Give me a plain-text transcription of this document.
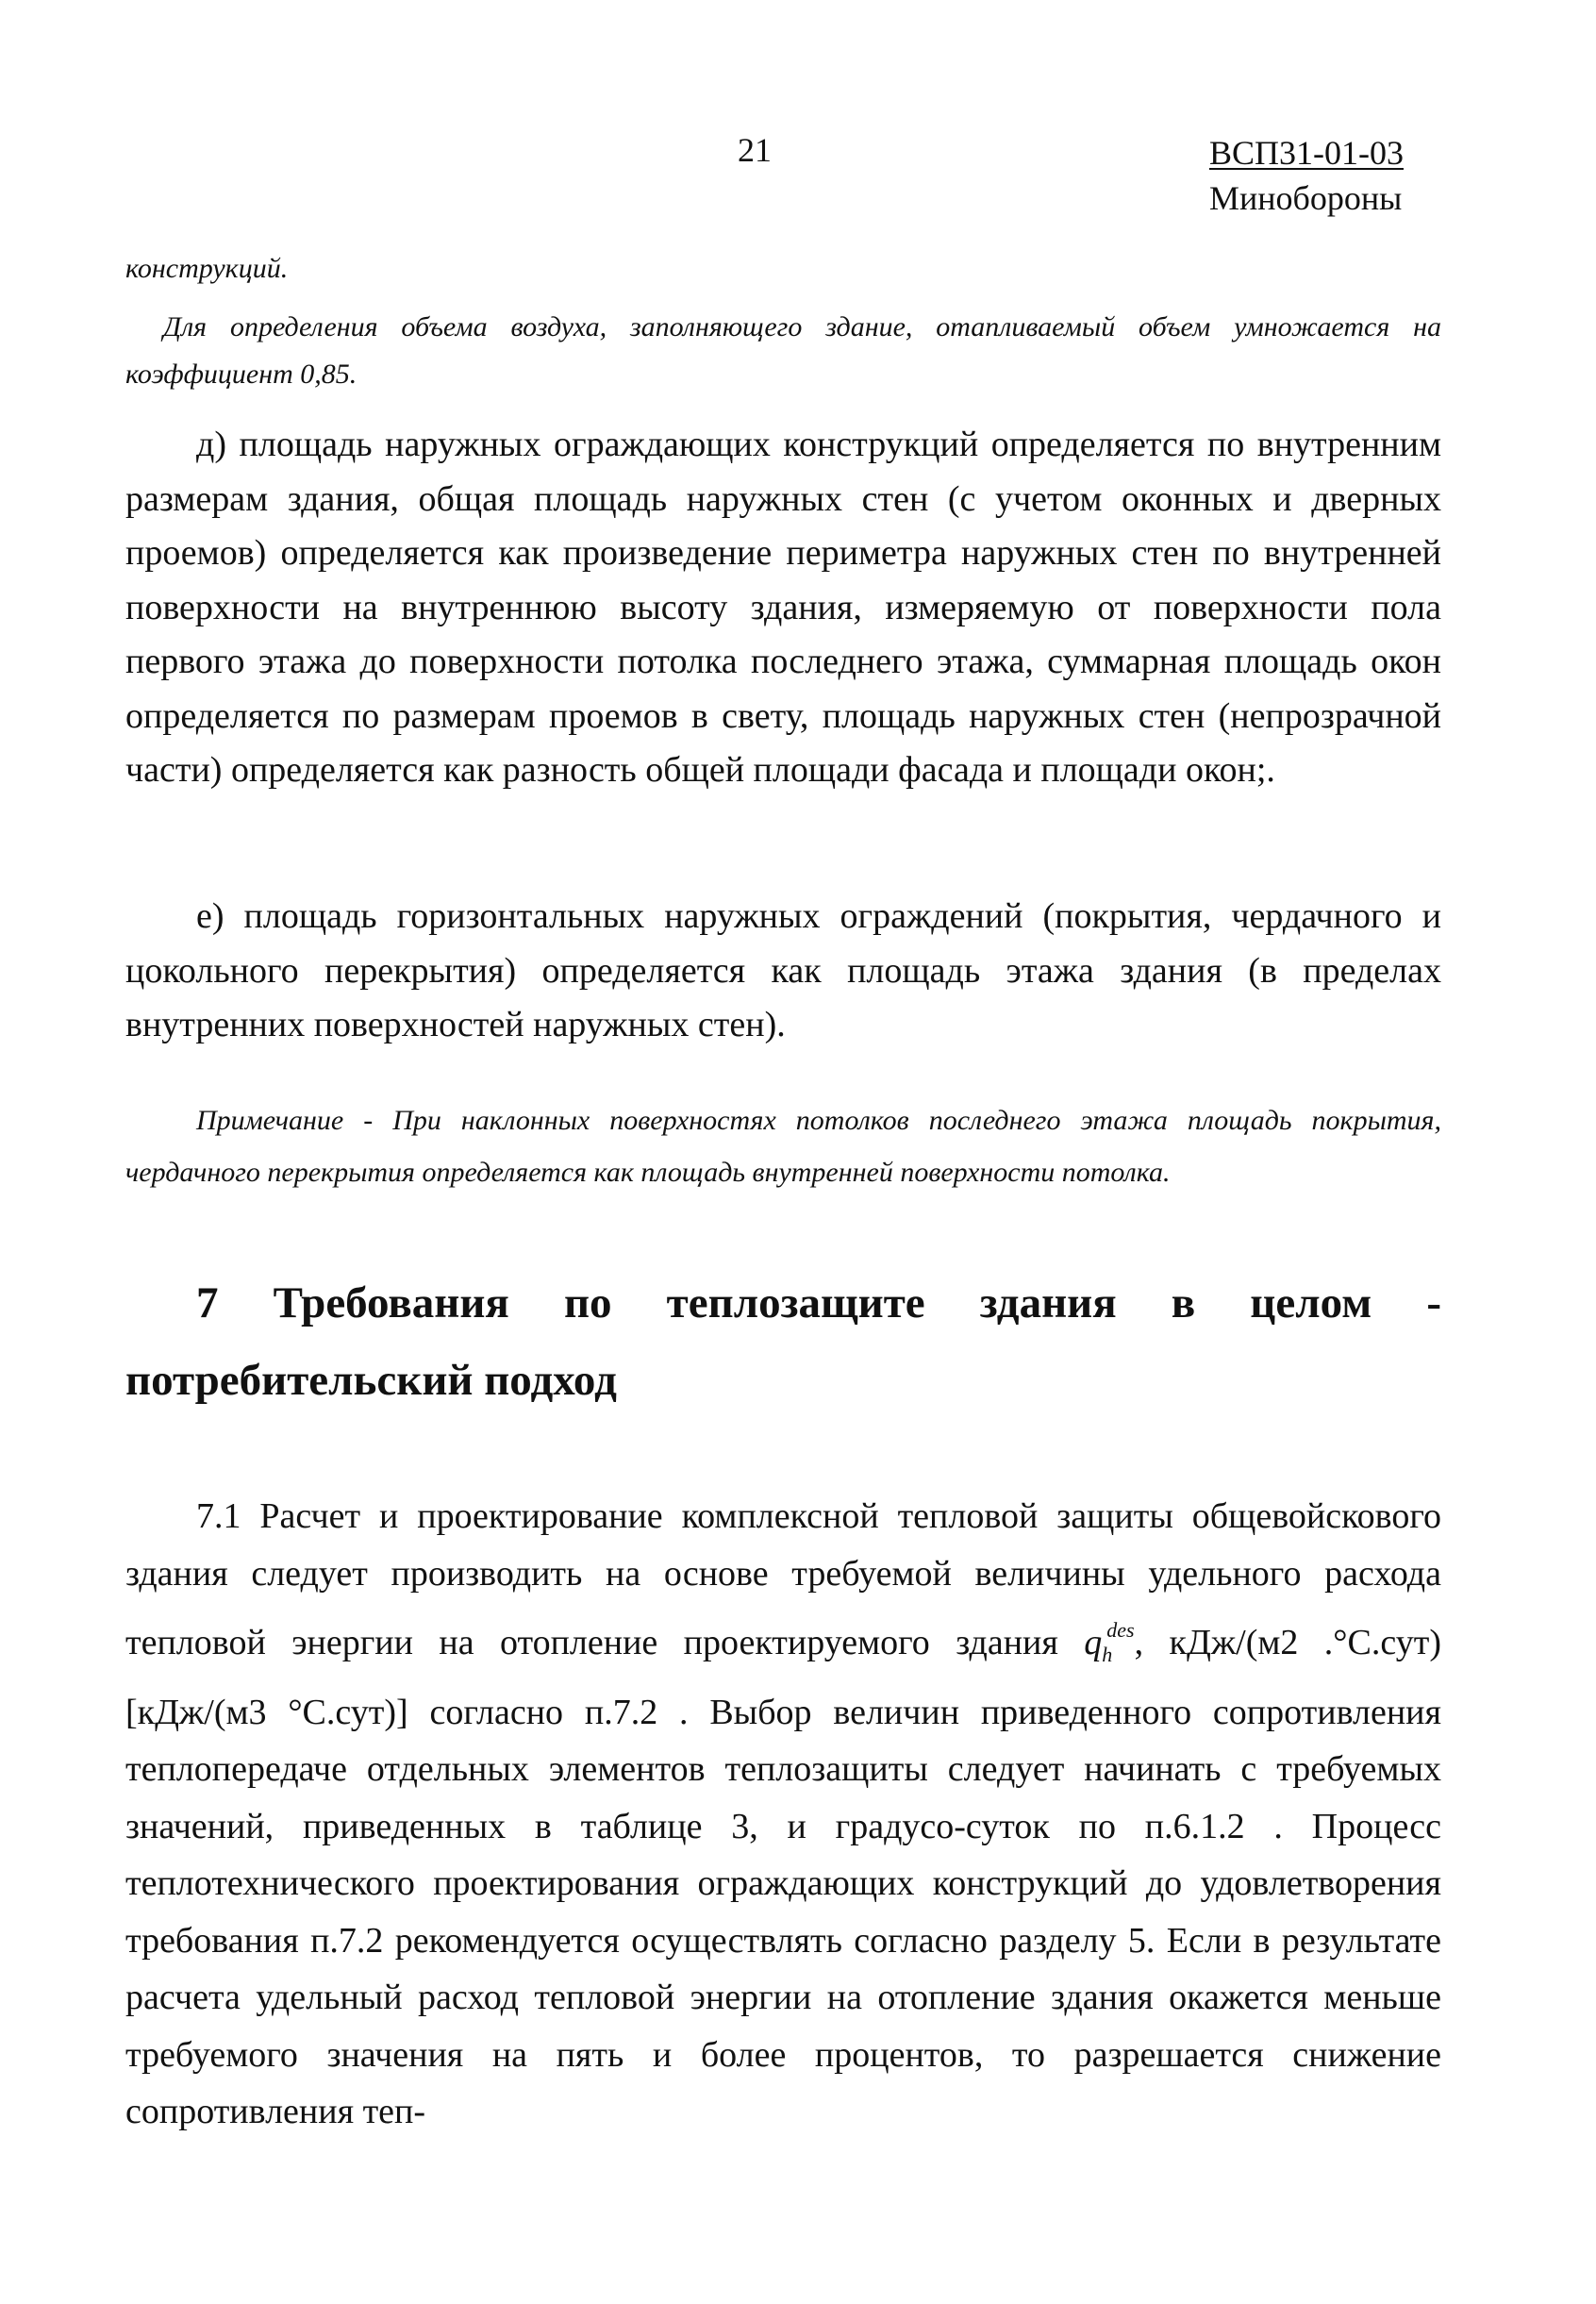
21	ВСП31-01-03
Минобороны
конструкций.
Для определения объема воздуха, заполняющего здание, отапливаемый объем умножается на коэффициент 0,85.
д) площадь наружных ограждающих конструкций определяется по внутренним размерам здания, общая площадь наружных стен (с учетом оконных и дверных проемов) определяется как произведение периметра наружных стен по внутренней поверхности на внутреннюю высоту здания, измеряемую от поверхности пола первого этажа до поверхности потолка последнего этажа, суммарная площадь окон определяется по размерам проемов в свету, площадь наружных стен (непрозрачной части) определяется как разность общей площади фасада и площади окон;.
е) площадь горизонтальных наружных ограждений (покрытия, чердачного и цокольного перекрытия) определяется как площадь этажа здания (в пределах внутренних поверхностей наружных стен).
Примечание - При наклонных поверхностях потолков последнего этажа площадь покрытия, чердачного перекрытия определяется как площадь внутренней поверхности потолка.
7 Требования по теплозащите здания в целом - потребительский подход
7.1 Расчет и проектирование комплексной тепловой защиты общевойскового здания следует производить на основе требуемой величины удельного расхода тепловой энергии на отопление проектируемого здания $q_h^{des}$, кДж/(м2 .°С.сут) [кДж/(м3 °С.сут)] согласно п.7.2 . Выбор величин приведенного сопротивления теплопередаче отдельных элементов теплозащиты следует начинать с требуемых значений, приведенных в таблице 3, и градусо-суток по п.6.1.2 . Процесс теплотехнического проектирования ограждающих конструкций до удовлетворения требования п.7.2 рекомендуется осуществлять согласно разделу 5. Если в результате расчета удельный расход тепловой энергии на отопление здания окажется меньше требуемого значения на пять и более процентов, то разрешается снижение сопротивления теп-
